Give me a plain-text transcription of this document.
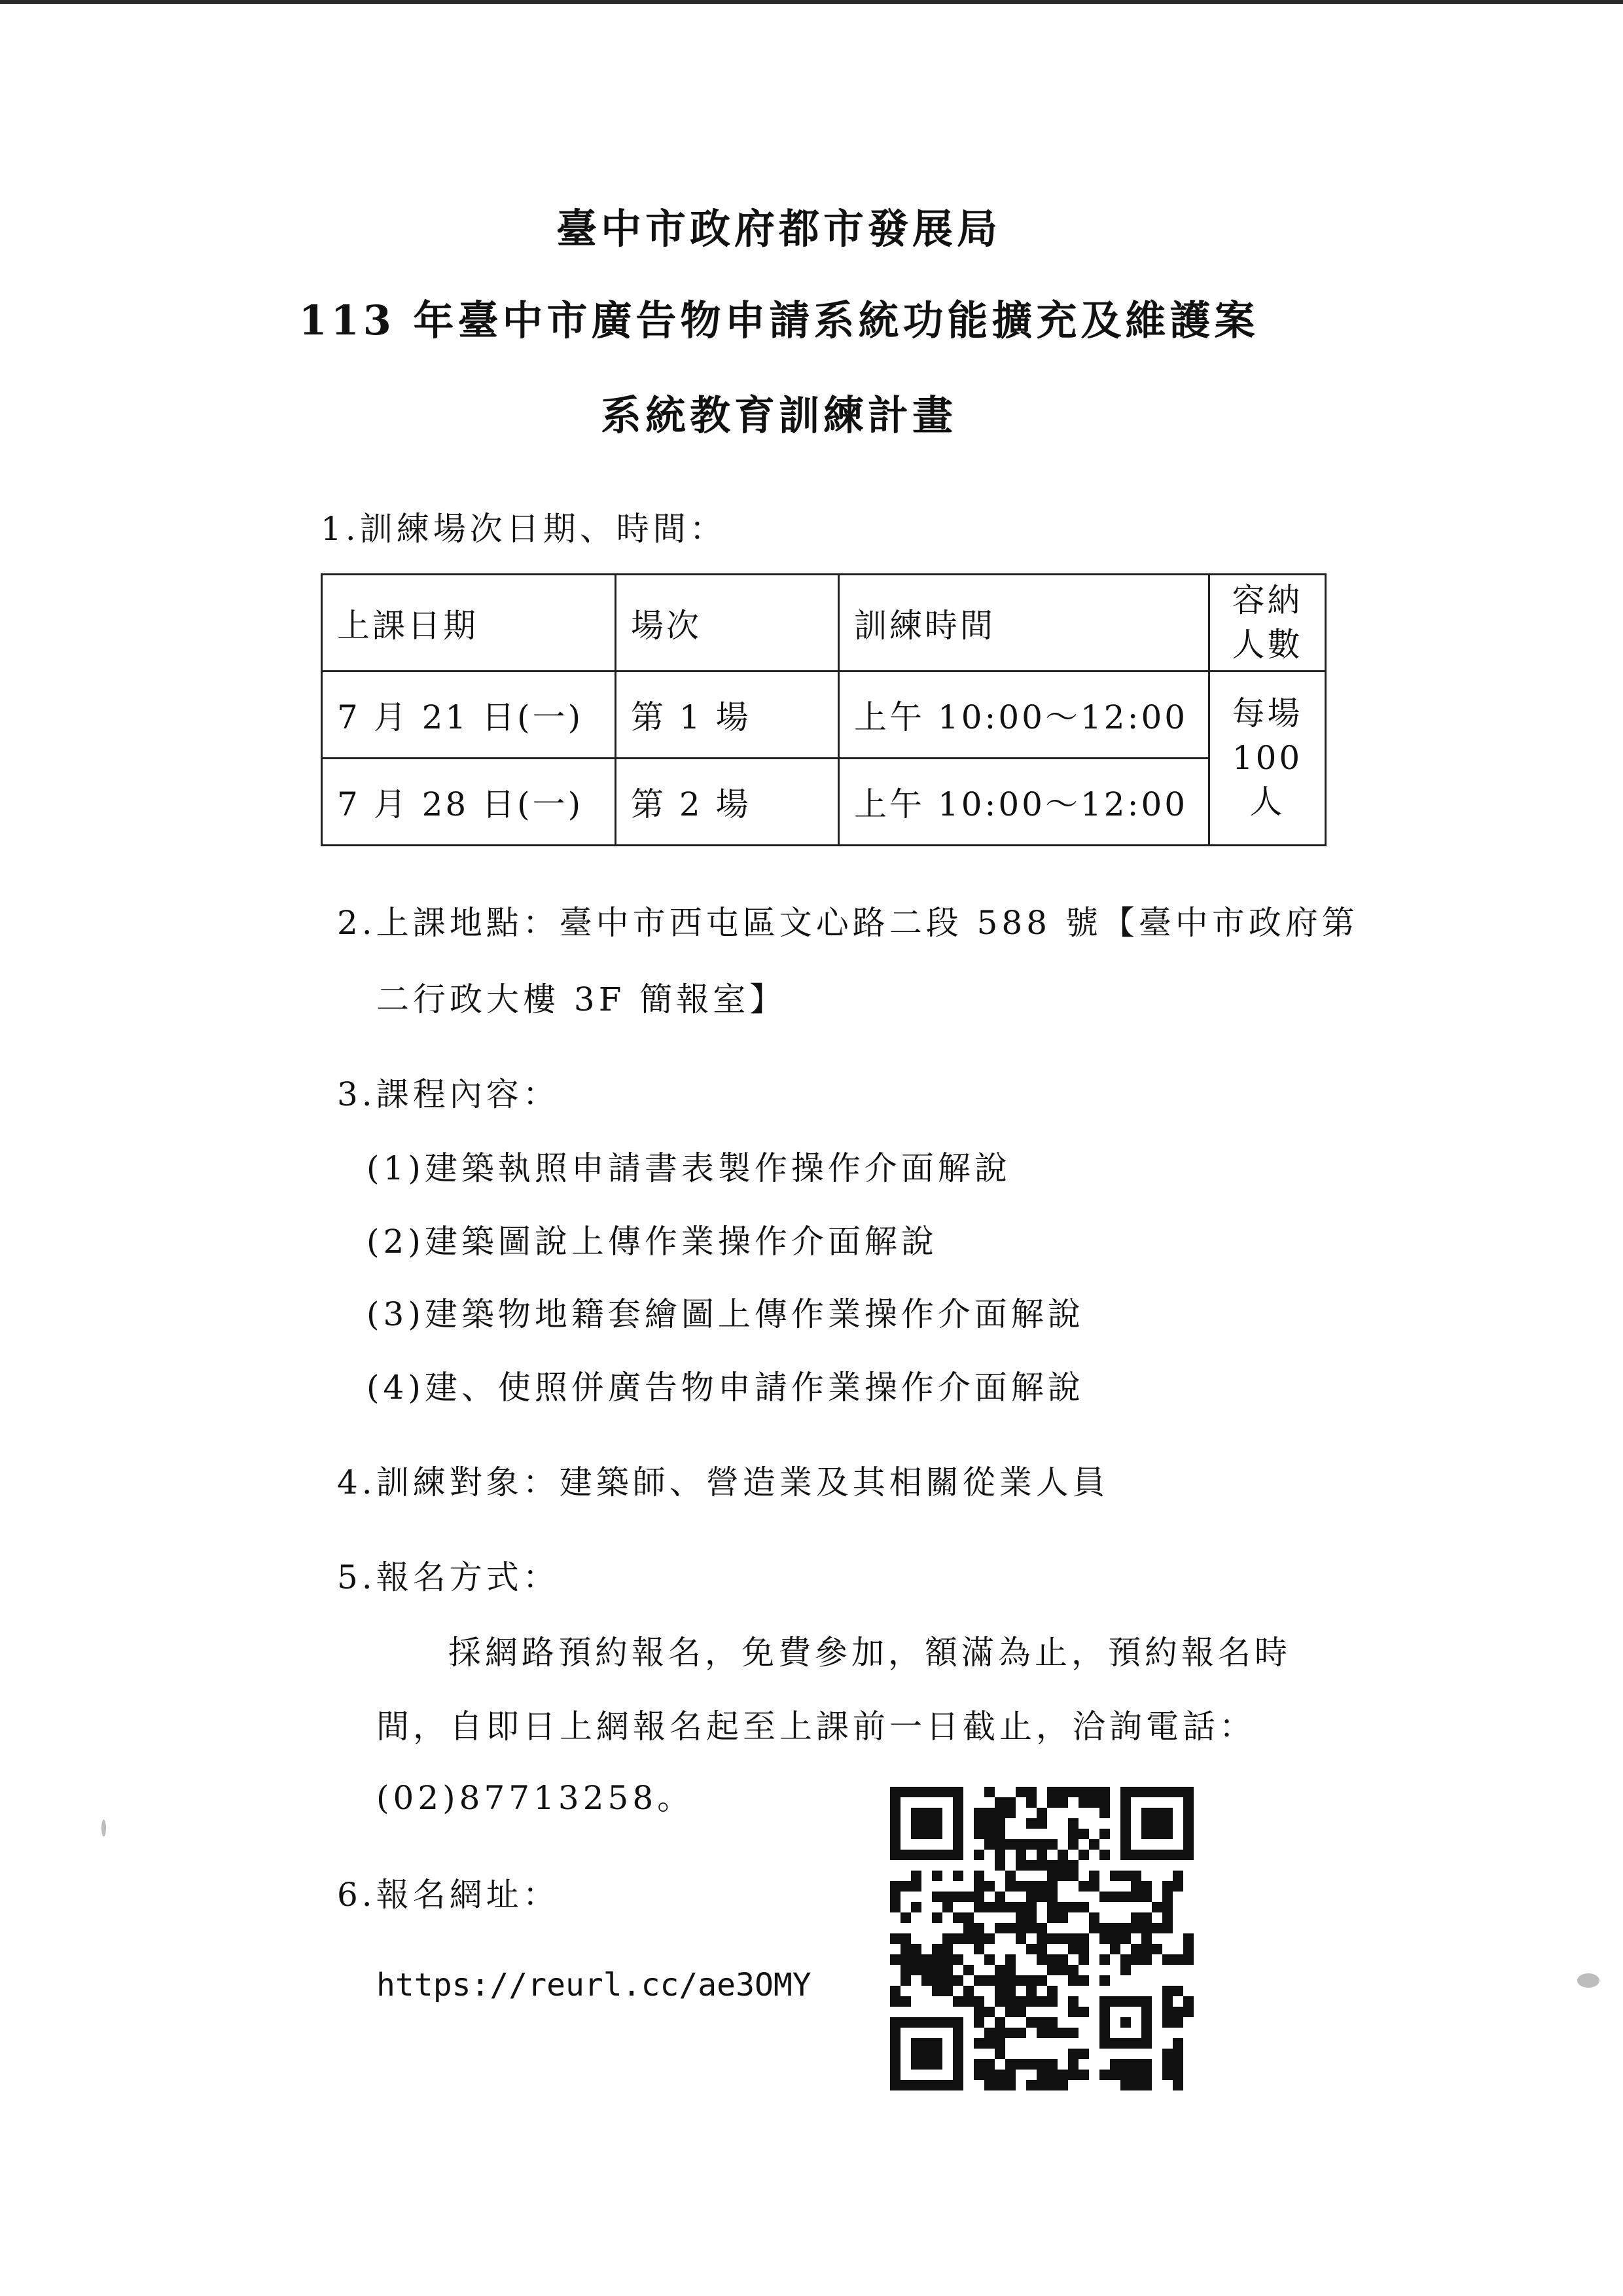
臺中市政府都市發展局
113 年臺中市廣告物申請系統功能擴充及維護案
系統教育訓練計畫
1.訓練場次日期、時間：
上課日期	場次	訓練時間	容納
人數

7 月 21 日(一)	第 1 場	上午 10:00～12:00	每場
100 人

7 月 28 日(一)	第 2 場	上午 10:00～12:00	
2.上課地點：臺中市西屯區文心路二段 588 號【臺中市政府第
二行政大樓 3F 簡報室】
3.課程內容：
(1)建築執照申請書表製作操作介面解說
(2)建築圖說上傳作業操作介面解說
(3)建築物地籍套繪圖上傳作業操作介面解說
(4)建、使照併廣告物申請作業操作介面解說
4.訓練對象：建築師、營造業及其相關從業人員
5.報名方式：
採網路預約報名，免費參加，額滿為止，預約報名時
間，自即日上網報名起至上課前一日截止，洽詢電話：
(02)87713258。
6.報名網址：
https://reurl.cc/ae3OMY
